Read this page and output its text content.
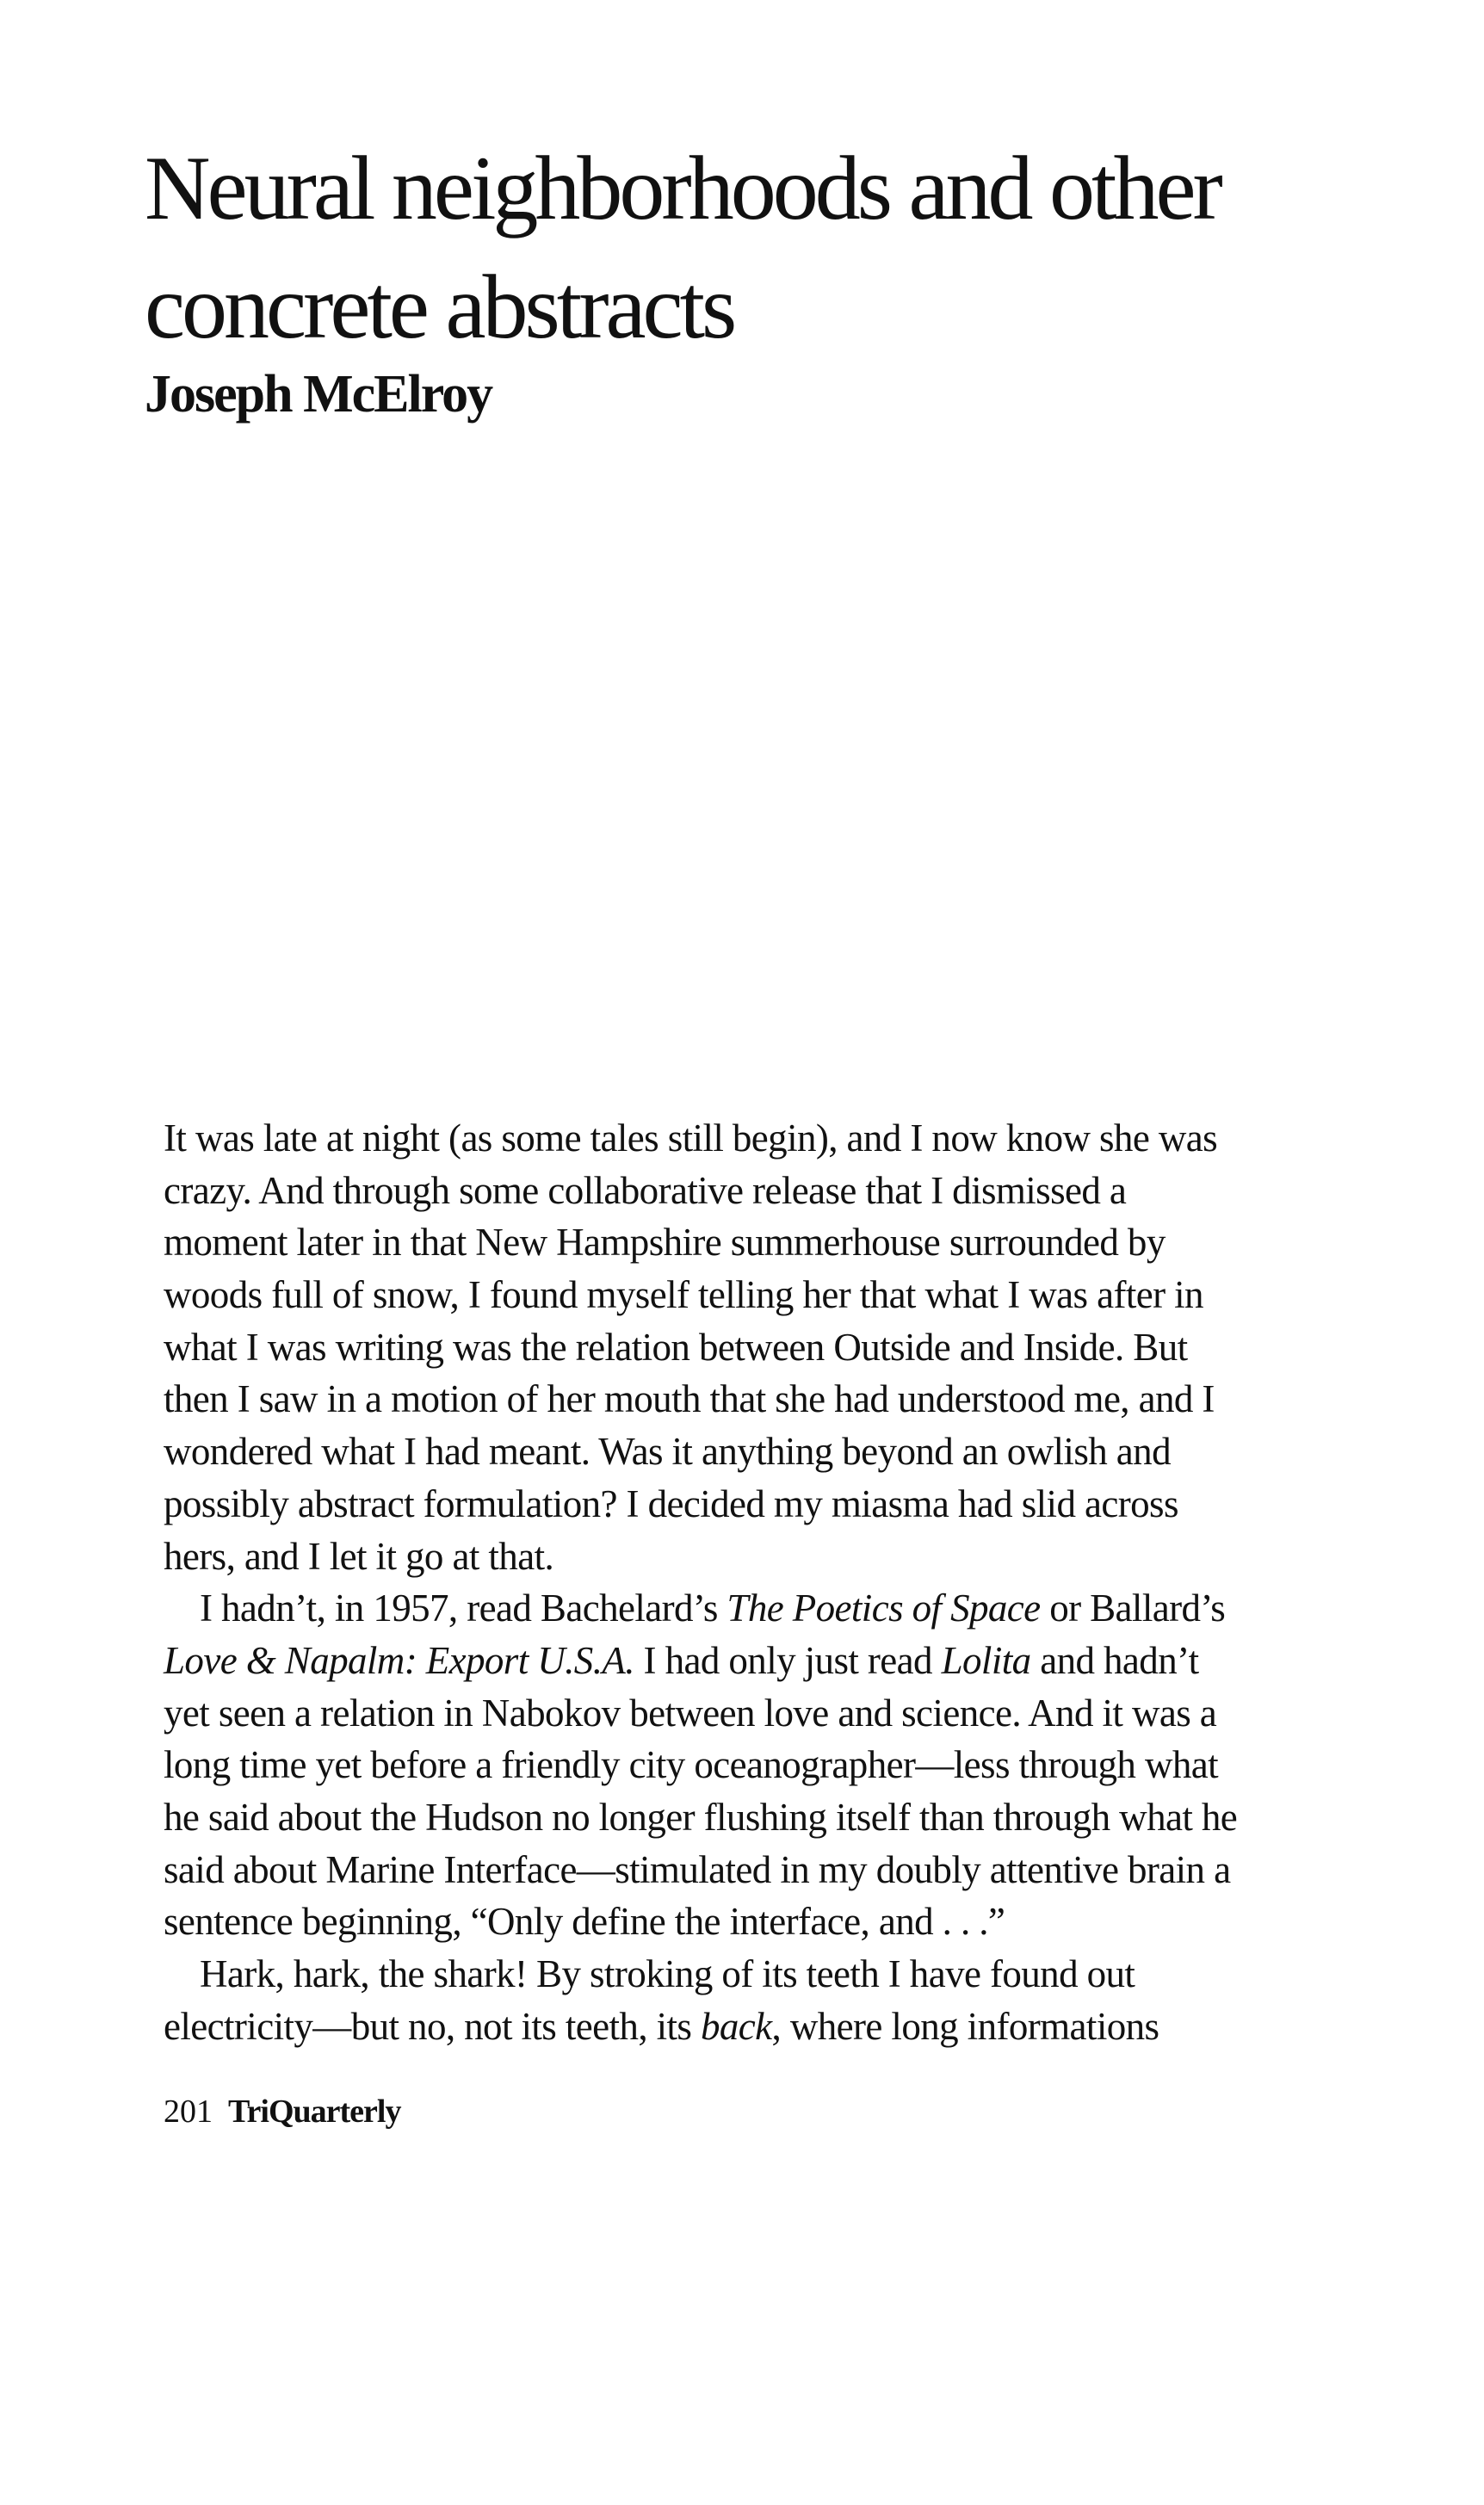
Neural neighborhoods and other
concrete abstracts
Joseph McElroy
It was late at night (as some tales still begin), and I now know she was
crazy. And through some collaborative release that I dismissed a
moment later in that New Hampshire summerhouse surrounded by
woods full of snow, I found myself telling her that what I was after in
what I was writing was the relation between Outside and Inside. But
then I saw in a motion of her mouth that she had understood me, and I
wondered what I had meant. Was it anything beyond an owlish and
possibly abstract formulation? I decided my miasma had slid across
hers, and I let it go at that.
I hadn’t, in 1957, read Bachelard’s The Poetics of Space or Ballard’s
Love & Napalm: Export U.S.A. I had only just read Lolita and hadn’t
yet seen a relation in Nabokov between love and science. And it was a
long time yet before a friendly city oceanographer—less through what
he said about the Hudson no longer flushing itself than through what he
said about Marine Interface—stimulated in my doubly attentive brain a
sentence beginning, “Only define the interface, and . . .”
Hark, hark, the shark! By stroking of its teeth I have found out
electricity—but no, not its teeth, its back, where long informations
201 TriQuarterly
